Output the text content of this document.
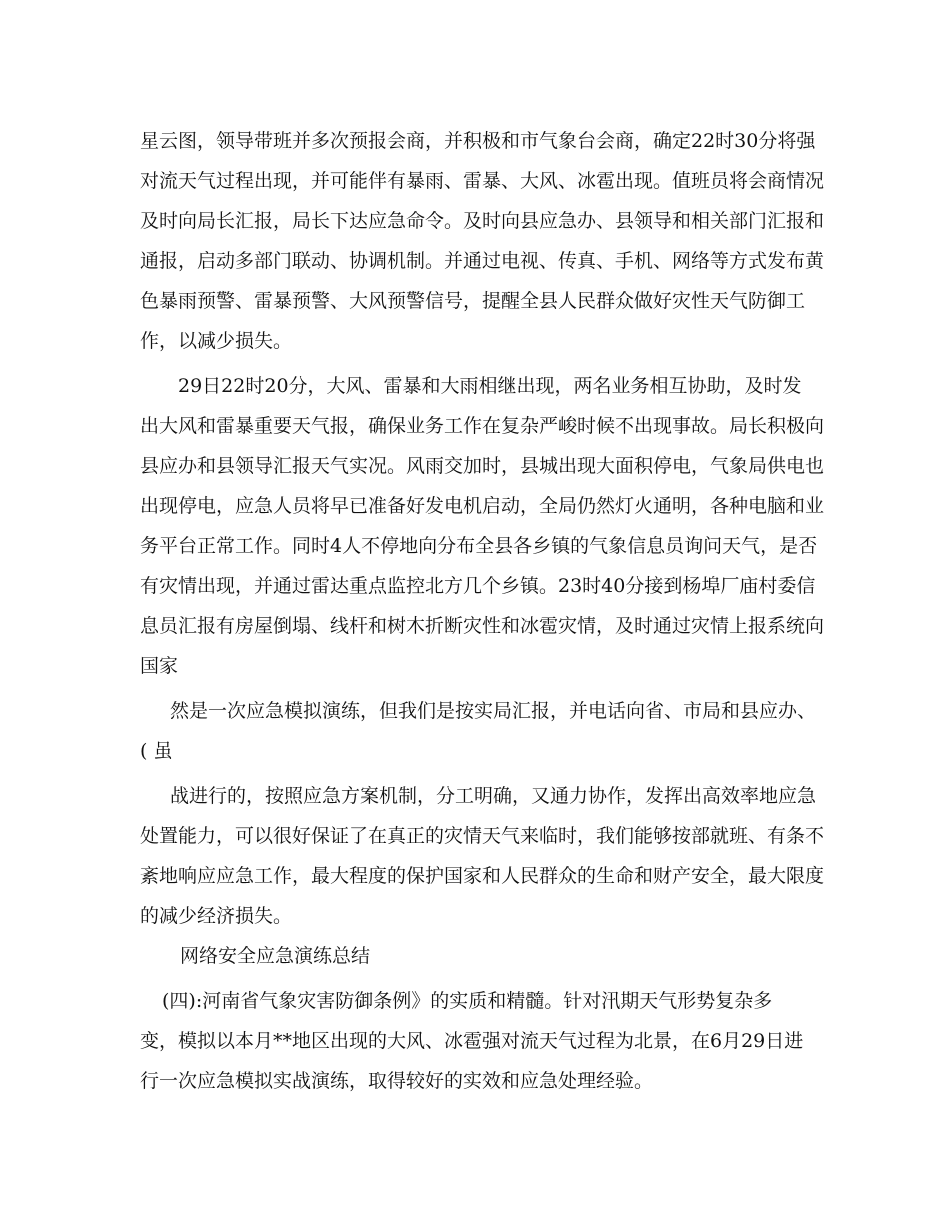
星云图，领导带班并多次预报会商，并积极和市气象台会商，确定22时30分将强

对流天气过程出现，并可能伴有暴雨、雷暴、大风、冰雹出现。值班员将会商情况

及时向局长汇报，局长下达应急命令。及时向县应急办、县领导和相关部门汇报和

通报，启动多部门联动、协调机制。并通过电视、传真、手机、网络等方式发布黄

色暴雨预警、雷暴预警、大风预警信号，提醒全县人民群众做好灾性天气防御工

作，以减少损失。

29日22时20分，大风、雷暴和大雨相继出现，两名业务相互协助，及时发

出大风和雷暴重要天气报，确保业务工作在复杂严峻时候不出现事故。局长积极向

县应办和县领导汇报天气实况。风雨交加时，县城出现大面积停电，气象局供电也

出现停电，应急人员将早已准备好发电机启动，全局仍然灯火通明，各种电脑和业

务平台正常工作。同时4人不停地向分布全县各乡镇的气象信息员询问天气，是否

有灾情出现，并通过雷达重点监控北方几个乡镇。23时40分接到杨埠厂庙村委信

息员汇报有房屋倒塌、线杆和树木折断灾性和冰雹灾情，及时通过灾情上报系统向

国家

然是一次应急模拟演练，但我们是按实局汇报，并电话向省、市局和县应办、

( 虽

战进行的，按照应急方案机制，分工明确，又通力协作，发挥出高效率地应急

处置能力，可以很好保证了在真正的灾情天气来临时，我们能够按部就班、有条不

紊地响应应急工作，最大程度的保护国家和人民群众的生命和财产安全，最大限度

的减少经济损失。

网络安全应急演练总结

(四):河南省气象灾害防御条例》的实质和精髓。针对汛期天气形势复杂多

变，模拟以本月**地区出现的大风、冰雹强对流天气过程为北景，在6月29日进

行一次应急模拟实战演练，取得较好的实效和应急处理经验。
